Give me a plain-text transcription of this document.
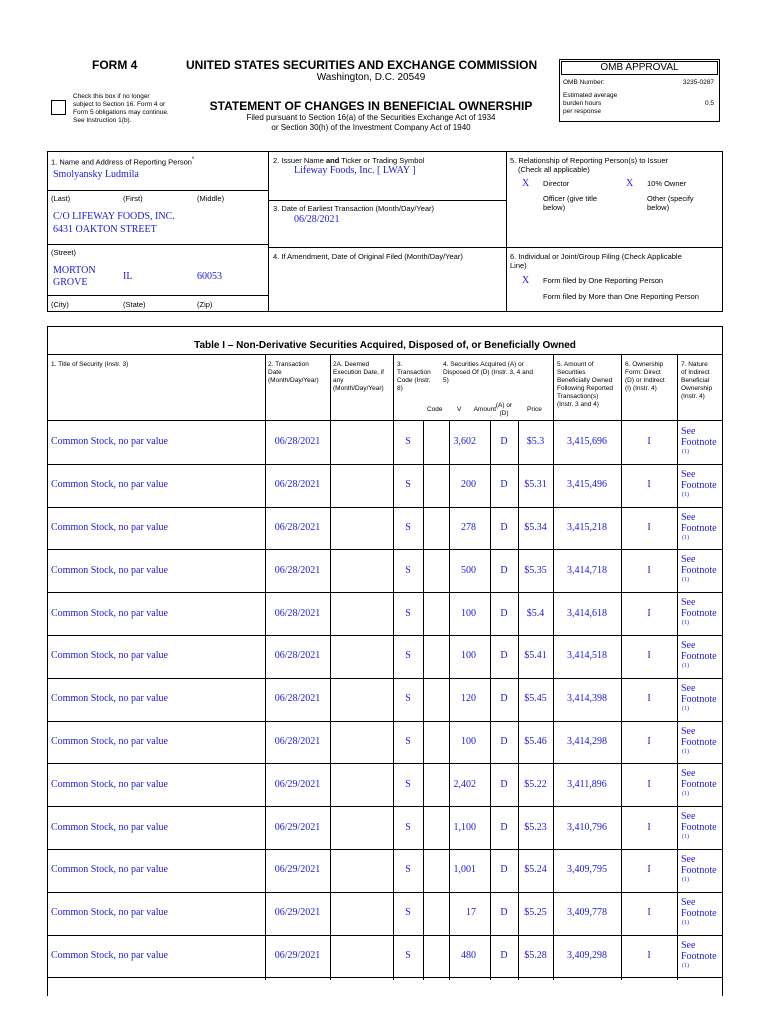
FORM 4	UNITED STATES SECURITIES AND EXCHANGE COMMISSION
Washington, D.C. 20549
Check this box if no longer
subject to Section 16. Form 4 or
Form 5 obligations may continue.
See Instruction 1(b).
STATEMENT OF CHANGES IN BENEFICIAL OWNERSHIP
Filed pursuant to Section 16(a) of the Securities Exchange Act of 1934
or Section 30(h) of the Investment Company Act of 1940
OMB APPROVAL
OMB Number:	3235-0287
Estimated average
burden hours
per response
0.5
1. Name and Address of Reporting Person*
Smolyansky Ludmila
(Last)	(First)	(Middle)
C/O LIFEWAY FOODS, INC.
6431 OAKTON STREET
(Street)
MORTON
GROVE
IL	60053
(City)	(State)	(Zip)
2. Issuer Name and Ticker or Trading Symbol
Lifeway Foods, Inc. [ LWAY ]
3. Date of Earliest Transaction (Month/Day/Year)
06/28/2021
4. If Amendment, Date of Original Filed (Month/Day/Year)
5. Relationship of Reporting Person(s) to Issuer
(Check all applicable)
X Director	X 10% Owner
Officer (give title
below)
Other (specify
below)
6. Individual or Joint/Group Filing (Check Applicable
Line)
X Form filed by One Reporting Person
Form filed by More than One Reporting Person
Table I – Non-Derivative Securities Acquired, Disposed of, or Beneficially Owned
1. Title of Security (Instr. 3)	2. Transaction
Date
(Month/Day/Year)
2A. Deemed
Execution Date, if
any
(Month/Day/Year)
3.
Transaction
Code (Instr.
8)
4. Securities Acquired (A) or
Disposed Of (D) (Instr. 3, 4 and
5)
5. Amount of
Securities
Beneficially Owned
Following Reported
Transaction(s)
(Instr. 3 and 4)
6. Ownership
Form: Direct
(D) or Indirect
(I) (Instr. 4)
7. Nature
of Indirect
Beneficial
Ownership
(Instr. 4)
Code V	Amount
(A) or
(D)
Price
Common Stock, no par value	06/28/2021	S	3,602	D	$5.3	3,415,696	I
See
Footnote
(1)
Common Stock, no par value	06/28/2021	S	200	D	$5.31	3,415,496	I
See
Footnote
(1)
Common Stock, no par value	06/28/2021	S	278	D	$5.34	3,415,218	I
See
Footnote
(1)
Common Stock, no par value	06/28/2021	S	500	D	$5.35	3,414,718	I
See
Footnote
(1)
Common Stock, no par value	06/28/2021	S	100	D	$5.4	3,414,618	I
See
Footnote
(1)
Common Stock, no par value	06/28/2021	S	100	D	$5.41	3,414,518	I
See
Footnote
(1)
Common Stock, no par value	06/28/2021	S	120	D	$5.45	3,414,398	I
See
Footnote
(1)
Common Stock, no par value	06/28/2021	S	100	D	$5.46	3,414,298	I
See
Footnote
(1)
Common Stock, no par value	06/29/2021	S	2,402	D	$5.22	3,411,896	I
See
Footnote
(1)
Common Stock, no par value	06/29/2021	S	1,100	D	$5.23	3,410,796	I
See
Footnote
(1)
Common Stock, no par value	06/29/2021	S	1,001	D	$5.24	3,409,795	I
See
Footnote
(1)
Common Stock, no par value	06/29/2021	S	17	D	$5.25	3,409,778	I
See
Footnote
(1)
Common Stock, no par value	06/29/2021	S	480	D	$5.28	3,409,298	I
See
Footnote
(1)
